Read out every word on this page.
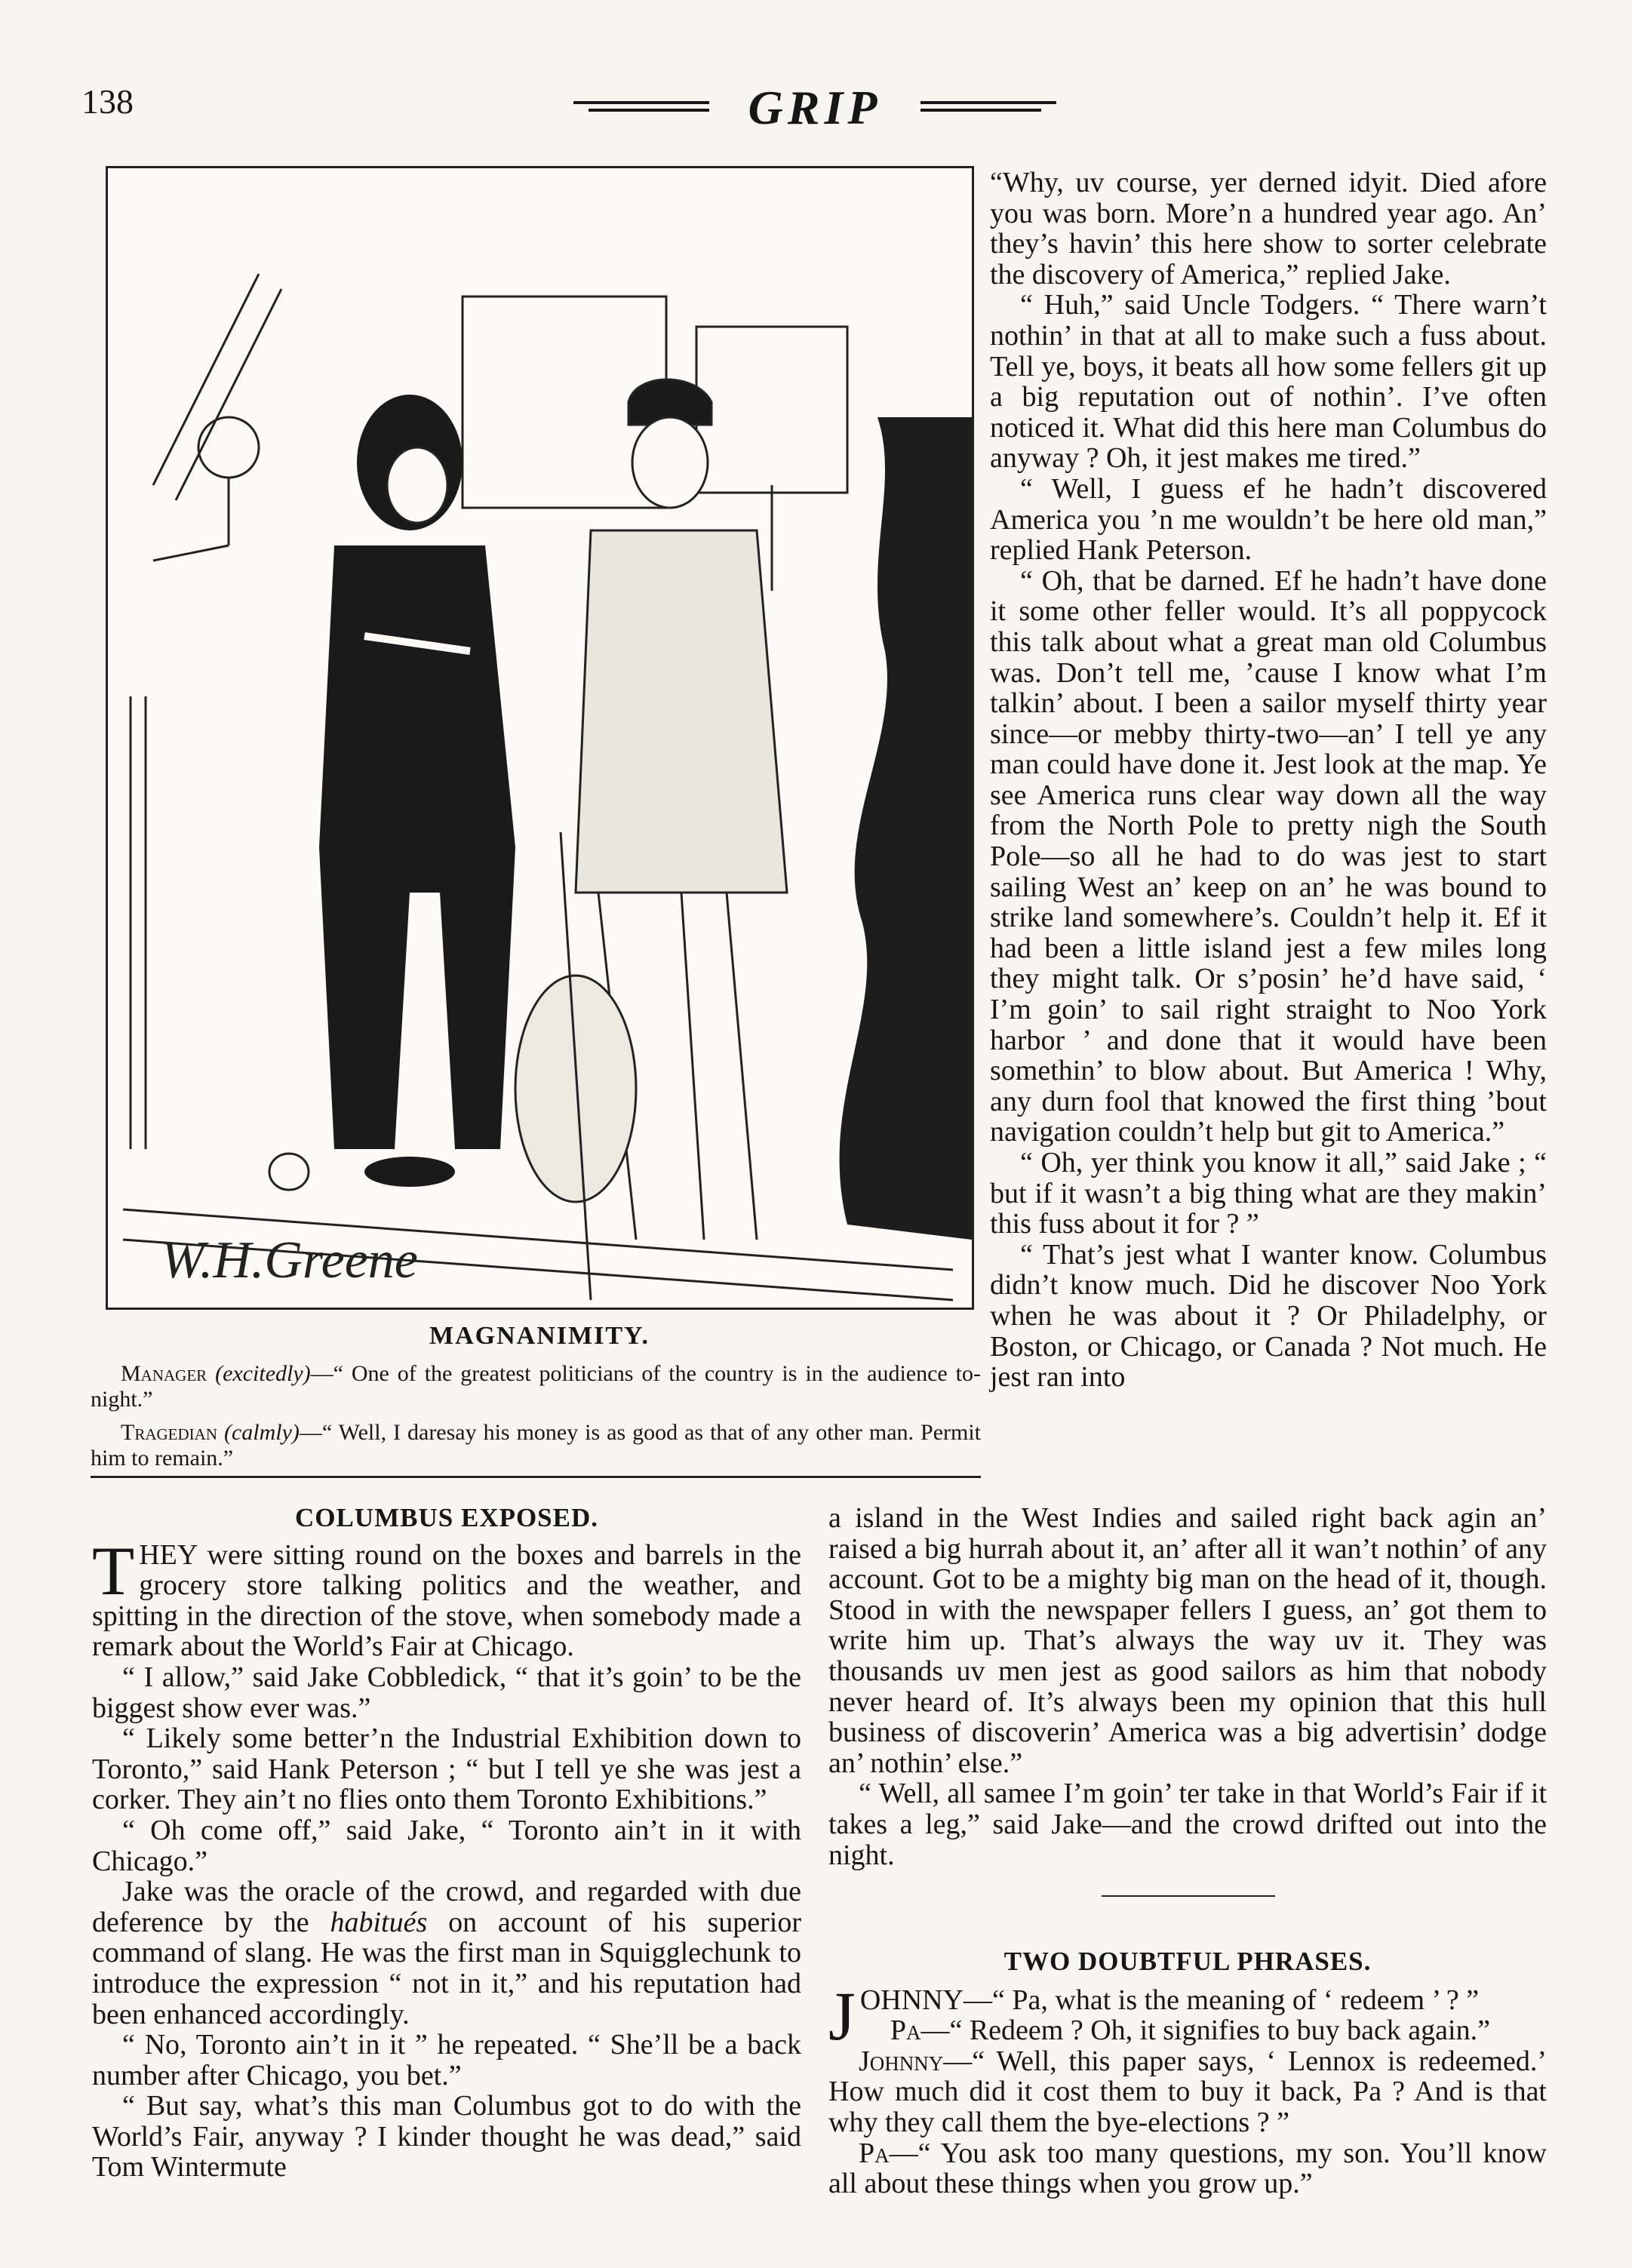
138	GRIP
W.H.Greene
MAGNANIMITY.
Manager (excitedly)—“ One of the greatest politicians of the country is in the audience to-night.”
Tragedian (calmly)—“ Well, I daresay his money is as good as that of any other man. Permit him to remain.”

“Why, uv course, yer derned idyit. Died afore you was born. More’n a hundred year ago. An’ they’s havin’ this here show to sorter celebrate the discovery of America,” replied Jake.

“ Huh,” said Uncle Todgers. “ There warn’t nothin’ in that at all to make such a fuss about. Tell ye, boys, it beats all how some fellers git up a big reputation out of nothin’. I’ve often noticed it. What did this here man Columbus do anyway ? Oh, it jest makes me tired.”

“ Well, I guess ef he hadn’t discovered America you ’n me wouldn’t be here old man,” replied Hank Peterson.

“ Oh, that be darned. Ef he hadn’t have done it some other feller would. It’s all poppycock this talk about what a great man old Columbus was. Don’t tell me, ’cause I know what I’m talkin’ about. I been a sailor myself thirty year since—or mebby thirty-two—an’ I tell ye any man could have done it. Jest look at the map. Ye see America runs clear way down all the way from the North Pole to pretty nigh the South Pole—so all he had to do was jest to start sailing West an’ keep on an’ he was bound to strike land somewhere’s. Couldn’t help it. Ef it had been a little island jest a few miles long they might talk. Or s’posin’ he’d have said, ‘ I’m goin’ to sail right straight to Noo York harbor ’ and done that it would have been somethin’ to blow about. But America ! Why, any durn fool that knowed the first thing ’bout navigation couldn’t help but git to America.”

“ Oh, yer think you know it all,” said Jake ; “ but if it wasn’t a big thing what are they makin’ this fuss about it for ? ”

“ That’s jest what I wanter know. Columbus didn’t know much. Did he discover Noo York when he was about it ? Or Philadelphy, or Boston, or Chicago, or Canada ? Not much. He jest ran into

COLUMBUS EXPOSED.

THEY were sitting round on the boxes and barrels in the grocery store talking politics and the weather, and spitting in the direction of the stove, when somebody made a remark about the World’s Fair at Chicago.

“ I allow,” said Jake Cobbledick, “ that it’s goin’ to be the biggest show ever was.”

“ Likely some better’n the Industrial Exhibition down to Toronto,” said Hank Peterson ; “ but I tell ye she was jest a corker. They ain’t no flies onto them Toronto Exhibitions.”

“ Oh come off,” said Jake, “ Toronto ain’t in it with Chicago.”

Jake was the oracle of the crowd, and regarded with due deference by the habitués on account of his superior command of slang. He was the first man in Squigglechunk to introduce the expression “ not in it,” and his reputation had been enhanced accordingly.

“ No, Toronto ain’t in it ” he repeated. “ She’ll be a back number after Chicago, you bet.”

“ But say, what’s this man Columbus got to do with the World’s Fair, anyway ? I kinder thought he was dead,” said Tom Wintermute

a island in the West Indies and sailed right back agin an’ raised a big hurrah about it, an’ after all it wan’t nothin’ of any account. Got to be a mighty big man on the head of it, though. Stood in with the newspaper fellers I guess, an’ got them to write him up. That’s always the way uv it. They was thousands uv men jest as good sailors as him that nobody never heard of. It’s always been my opinion that this hull business of discoverin’ America was a big advertisin’ dodge an’ nothin’ else.”

“ Well, all samee I’m goin’ ter take in that World’s Fair if it takes a leg,” said Jake—and the crowd drifted out into the night.

TWO DOUBTFUL PHRASES.

JOHNNY—“ Pa, what is the meaning of ‘ redeem ’ ? ”

Pa—“ Redeem ? Oh, it signifies to buy back again.”

Johnny—“ Well, this paper says, ‘ Lennox is redeemed.’ How much did it cost them to buy it back, Pa ? And is that why they call them the bye-elections ? ”

Pa—“ You ask too many questions, my son. You’ll know all about these things when you grow up.”
